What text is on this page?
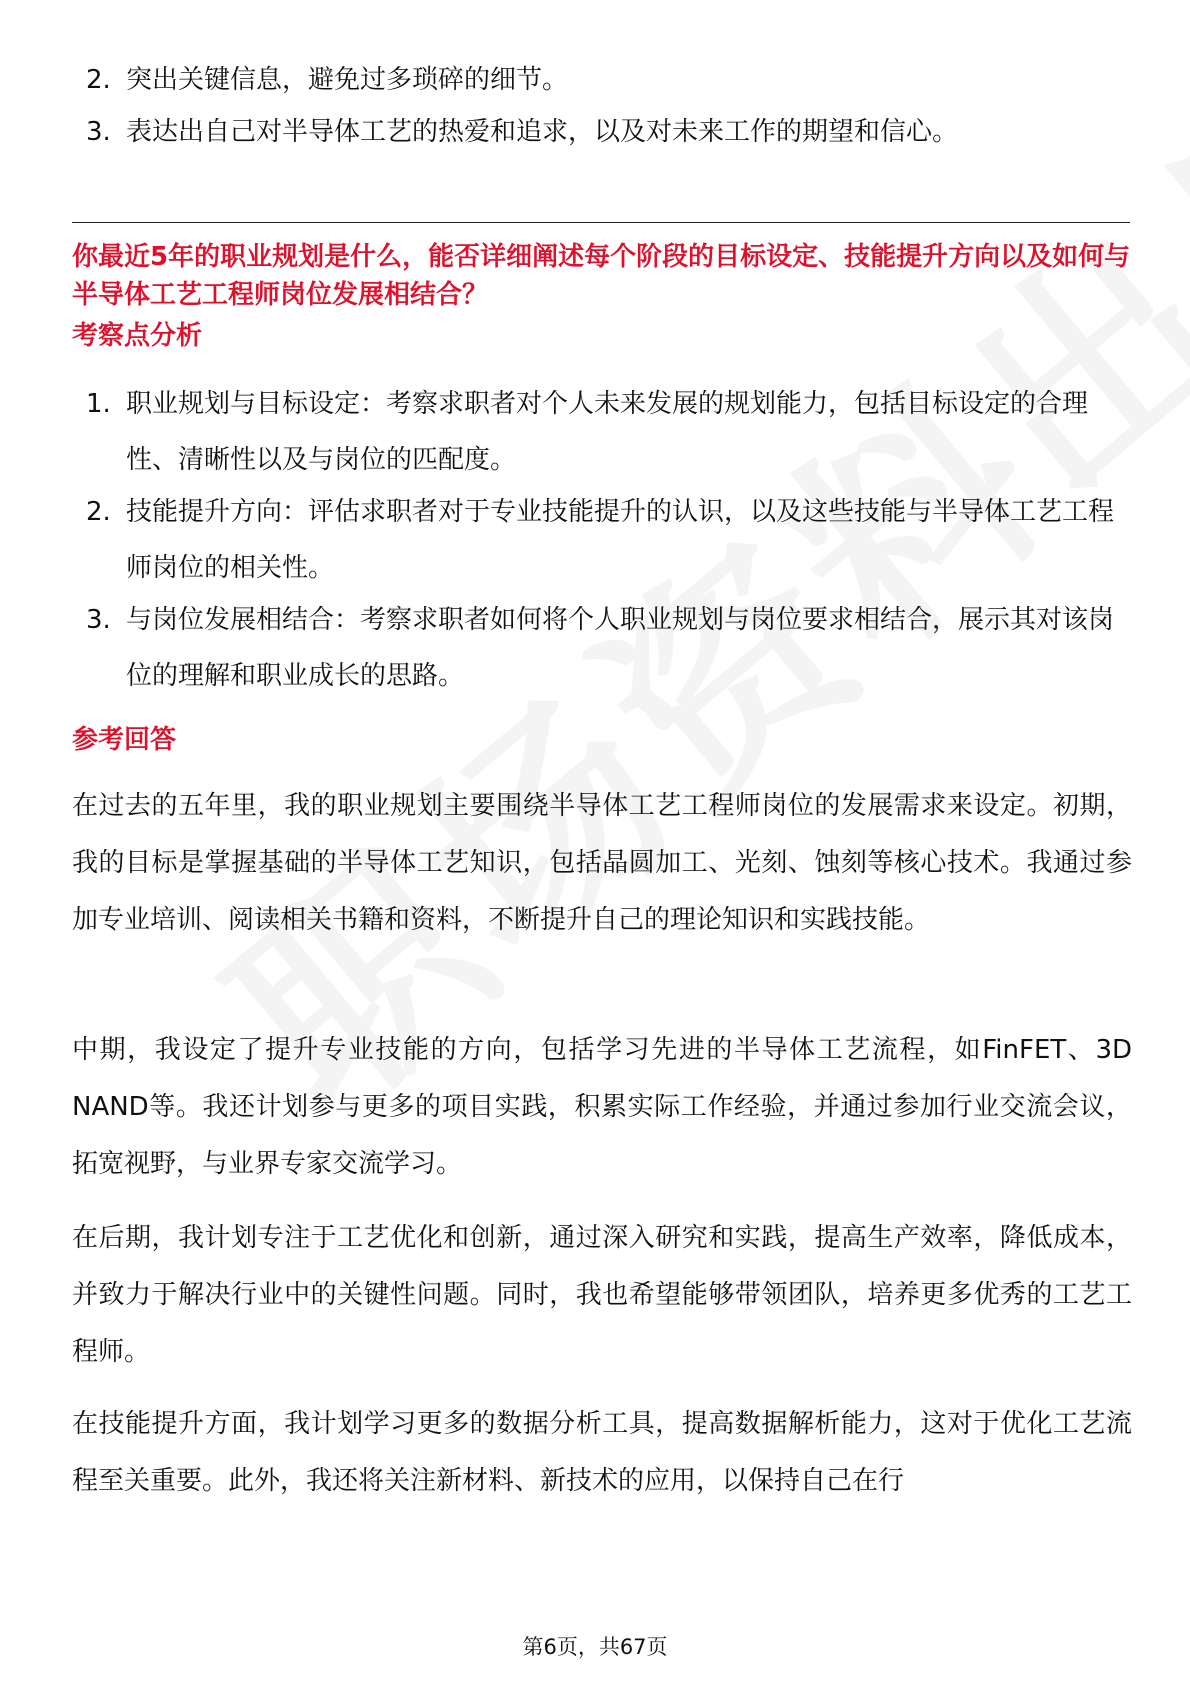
2. 突出关键信息，避免过多琐碎的细节。
3. 表达出自己对半导体工艺的热爱和追求，以及对未来工作的期望和信心。
你最近5年的职业规划是什么，能否详细阐述每个阶段的目标设定、技能提升方向以及如何与半导体工艺工程师岗位发展相结合？
考察点分析
1. 职业规划与目标设定：考察求职者对个人未来发展的规划能力，包括目标设定的合理性、清晰性以及与岗位的匹配度。
2. 技能提升方向：评估求职者对于专业技能提升的认识，以及这些技能与半导体工艺工程师岗位的相关性。
3. 与岗位发展相结合：考察求职者如何将个人职业规划与岗位要求相结合，展示其对该岗位的理解和职业成长的思路。
参考回答
在过去的五年里，我的职业规划主要围绕半导体工艺工程师岗位的发展需求来设定。初期，我的目标是掌握基础的半导体工艺知识，包括晶圆加工、光刻、蚀刻等核心技术。我通过参加专业培训、阅读相关书籍和资料，不断提升自己的理论知识和实践技能。
中期，我设定了提升专业技能的方向，包括学习先进的半导体工艺流程，如FinFET、3D NAND等。我还计划参与更多的项目实践，积累实际工作经验，并通过参加行业交流会议，拓宽视野，与业界专家交流学习。
在后期，我计划专注于工艺优化和创新，通过深入研究和实践，提高生产效率，降低成本，并致力于解决行业中的关键性问题。同时，我也希望能够带领团队，培养更多优秀的工艺工程师。
在技能提升方面，我计划学习更多的数据分析工具，提高数据解析能力，这对于优化工艺流程至关重要。此外，我还将关注新材料、新技术的应用，以保持自己在行
第6页，共67页
